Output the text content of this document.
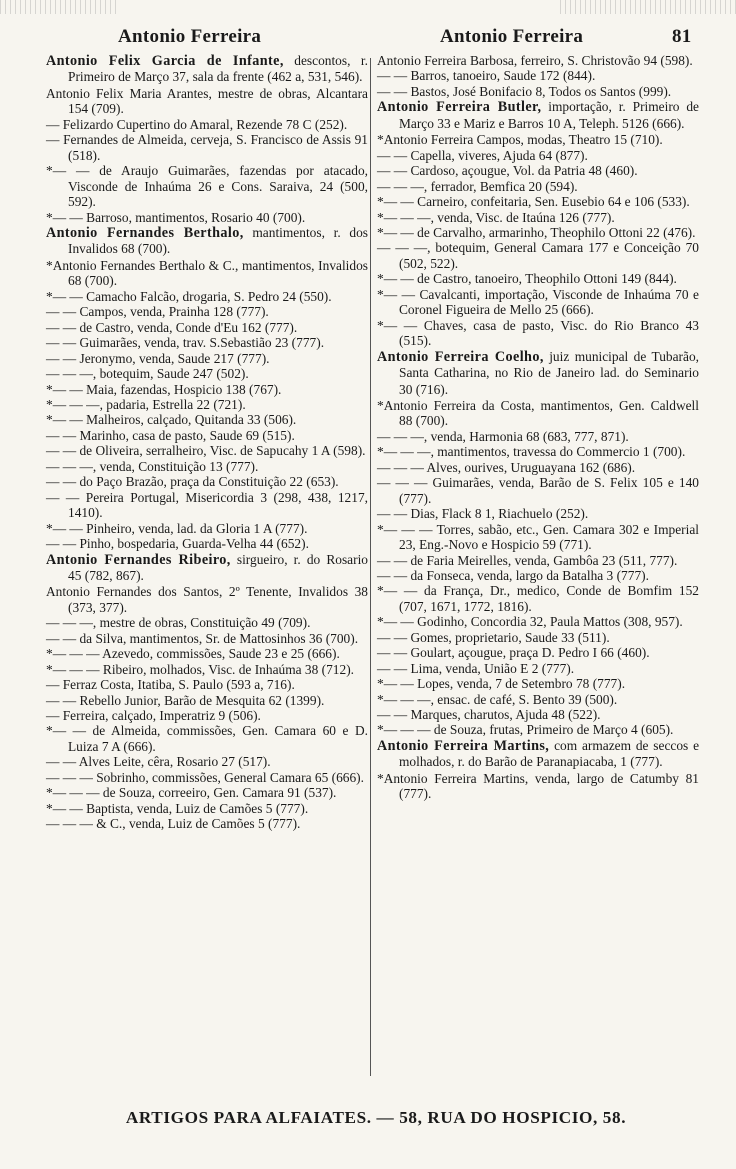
Antonio Ferreira	Antonio Ferreira	81

Antonio Felix Garcia de Infante, descontos, r. Primeiro de Março 37, sala da frente (462 a, 531, 546).

Antonio Felix Maria Arantes, mestre de obras, Alcantara 154 (709).

— Felizardo Cupertino do Amaral, Rezende 78 C (252).

— Fernandes de Almeida, cerveja, S. Francisco de Assis 91 (518).

*— — de Araujo Guimarães, fazendas por atacado, Visconde de Inhaúma 26 e Cons. Saraiva, 24 (500, 592).

*— — Barroso, mantimentos, Rosario 40 (700).

Antonio Fernandes Berthalo, mantimentos, r. dos Invalidos 68 (700).

*Antonio Fernandes Berthalo & C., mantimentos, Invalidos 68 (700).

*— — Camacho Falcão, drogaria, S. Pedro 24 (550).

— — Campos, venda, Prainha 128 (777).

— — de Castro, venda, Conde d'Eu 162 (777).

— — Guimarães, venda, trav. S.Sebastião 23 (777).

— — Jeronymo, venda, Saude 217 (777).

— — —, botequim, Saude 247 (502).

*— — Maia, fazendas, Hospicio 138 (767).

*— — —, padaria, Estrella 22 (721).

*— — Malheiros, calçado, Quitanda 33 (506).

— — Marinho, casa de pasto, Saude 69 (515).

— — de Oliveira, serralheiro, Visc. de Sapucahy 1 A (598).

— — —, venda, Constituição 13 (777).

— — do Paço Brazão, praça da Constituição 22 (653).

— — Pereira Portugal, Misericordia 3 (298, 438, 1217, 1410).

*— — Pinheiro, venda, lad. da Gloria 1 A (777).

— — Pinho, bospedaria, Guarda-Velha 44 (652).

Antonio Fernandes Ribeiro, sirgueiro, r. do Rosario 45 (782, 867).

Antonio Fernandes dos Santos, 2º Tenente, Invalidos 38 (373, 377).

— — —, mestre de obras, Constituição 49 (709).

— — da Silva, mantimentos, Sr. de Mattosinhos 36 (700).

*— — — Azevedo, commissões, Saude 23 e 25 (666).

*— — — Ribeiro, molhados, Visc. de Inhaúma 38 (712).

— Ferraz Costa, Itatiba, S. Paulo (593 a, 716).

— — Rebello Junior, Barão de Mesquita 62 (1399).

— Ferreira, calçado, Imperatriz 9 (506).

*— — de Almeida, commissões, Gen. Camara 60 e D. Luiza 7 A (666).

— — Alves Leite, cêra, Rosario 27 (517).

— — — Sobrinho, commissões, General Camara 65 (666).

*— — — de Souza, correeiro, Gen. Camara 91 (537).

*— — Baptista, venda, Luiz de Camões 5 (777).

— — — & C., venda, Luiz de Camões 5 (777).

Antonio Ferreira Barbosa, ferreiro, S. Christovão 94 (598).

— — Barros, tanoeiro, Saude 172 (844).

— — Bastos, José Bonifacio 8, Todos os Santos (999).

Antonio Ferreira Butler, importação, r. Primeiro de Março 33 e Mariz e Barros 10 A, Teleph. 5126 (666).

*Antonio Ferreira Campos, modas, Theatro 15 (710).

— — Capella, viveres, Ajuda 64 (877).

— — Cardoso, açougue, Vol. da Patria 48 (460).

— — —, ferrador, Bemfica 20 (594).

*— — Carneiro, confeitaria, Sen. Eusebio 64 e 106 (533).

*— — —, venda, Visc. de Itaúna 126 (777).

*— — de Carvalho, armarinho, Theophilo Ottoni 22 (476).

— — —, botequim, General Camara 177 e Conceição 70 (502, 522).

*— — de Castro, tanoeiro, Theophilo Ottoni 149 (844).

*— — Cavalcanti, importação, Visconde de Inhaúma 70 e Coronel Figueira de Mello 25 (666).

*— — Chaves, casa de pasto, Visc. do Rio Branco 43 (515).

Antonio Ferreira Coelho, juiz municipal de Tubarão, Santa Catharina, no Rio de Janeiro lad. do Seminario 30 (716).

*Antonio Ferreira da Costa, mantimentos, Gen. Caldwell 88 (700).

— — —, venda, Harmonia 68 (683, 777, 871).

*— — —, mantimentos, travessa do Commercio 1 (700).

— — — Alves, ourives, Uruguayana 162 (686).

— — — Guimarães, venda, Barão de S. Felix 105 e 140 (777).

— — Dias, Flack 8 1, Riachuelo (252).

*— — — Torres, sabão, etc., Gen. Camara 302 e Imperial 23, Eng.-Novo e Hospicio 59 (771).

— — de Faria Meirelles, venda, Gambôa 23 (511, 777).

— — da Fonseca, venda, largo da Batalha 3 (777).

*— — da França, Dr., medico, Conde de Bomfim 152 (707, 1671, 1772, 1816).

*— — Godinho, Concordia 32, Paula Mattos (308, 957).

— — Gomes, proprietario, Saude 33 (511).

— — Goulart, açougue, praça D. Pedro I 66 (460).

— — Lima, venda, União E 2 (777).

*— — Lopes, venda, 7 de Setembro 78 (777).

*— — —, ensac. de café, S. Bento 39 (500).

— — Marques, charutos, Ajuda 48 (522).

*— — — de Souza, frutas, Primeiro de Março 4 (605).

Antonio Ferreira Martins, com armazem de seccos e molhados, r. do Barão de Paranapiacaba, 1 (777).

*Antonio Ferreira Martins, venda, largo de Catumby 81 (777).

ARTIGOS PARA ALFAIATES. — 58, RUA DO HOSPICIO, 58.
